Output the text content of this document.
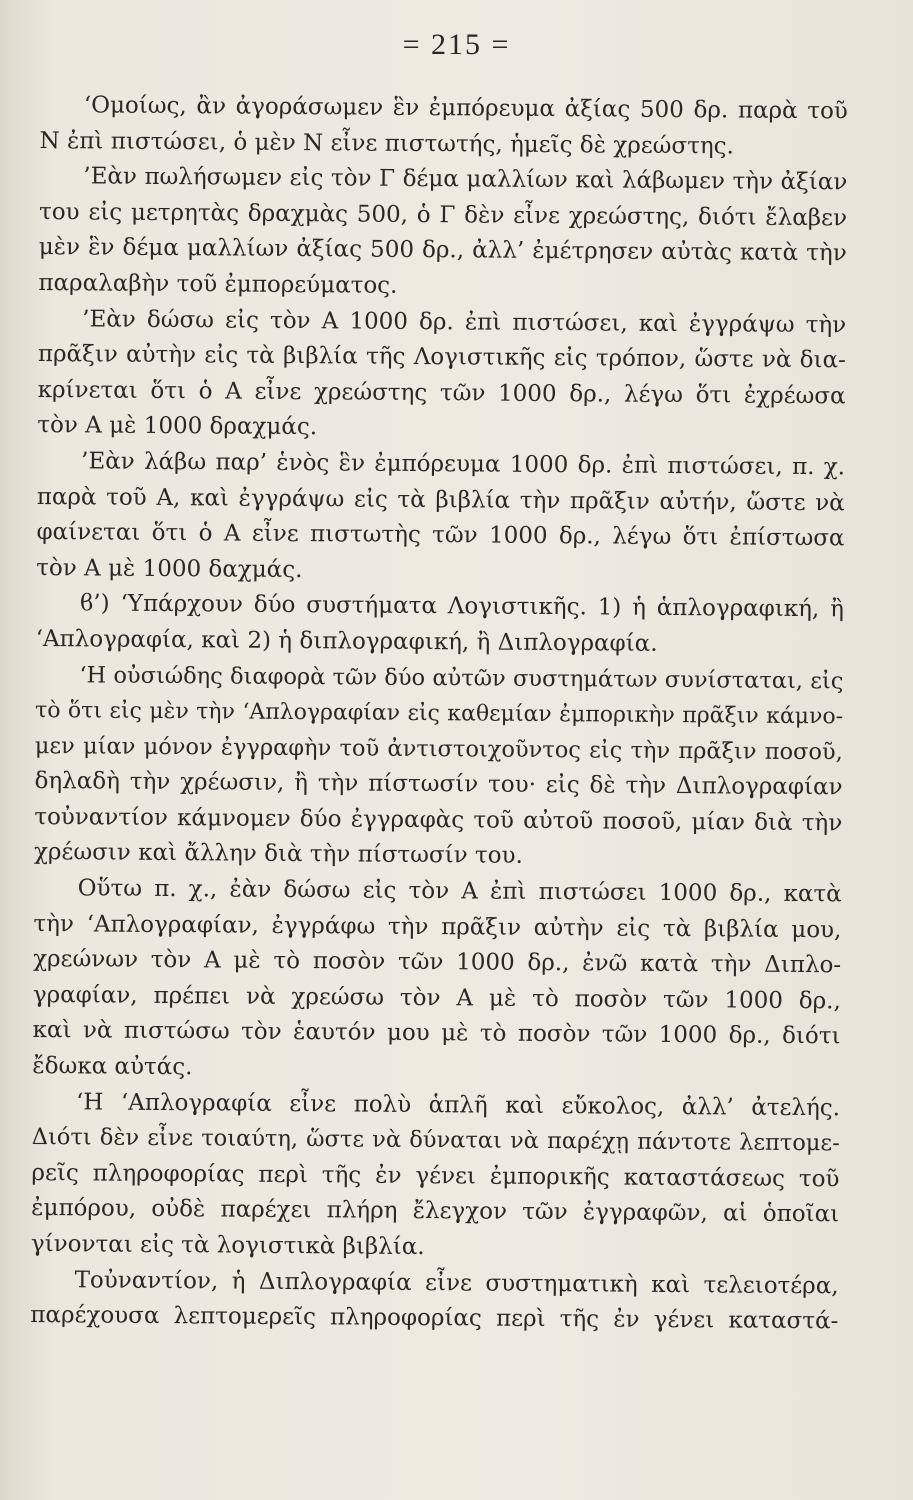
= 215 =
‘Ομοίως, ἂν ἀγοράσωμεν ἓν ἐμπόρευμα ἀξίας 500 δρ. παρὰ τοῦ
Ν ἐπὶ πιστώσει, ὁ μὲν Ν εἶνε πιστωτής, ἡμεῖς δὲ χρεώστης.
’Εὰν πωλήσωμεν εἰς τὸν Γ δέμα μαλλίων καὶ λάβωμεν τὴν ἀξίαν
του εἰς μετρητὰς δραχμὰς 500, ὁ Γ δὲν εἶνε χρεώστης, διότι ἔλαβεν
μὲν ἓν δέμα μαλλίων ἀξίας 500 δρ., ἀλλ’ ἐμέτρησεν αὐτὰς κατὰ τὴν
παραλαβὴν τοῦ ἐμπορεύματος.
’Εὰν δώσω εἰς τὸν Α 1000 δρ. ἐπὶ πιστώσει, καὶ ἐγγράψω τὴν
πρᾶξιν αὐτὴν εἰς τὰ βιβλία τῆς Λογιστικῆς εἰς τρόπον, ὥστε νὰ δια-
κρίνεται ὅτι ὁ Α εἶνε χρεώστης τῶν 1000 δρ., λέγω ὅτι ἐχρέωσα
τὸν Α μὲ 1000 δραχμάς.
’Εὰν λάβω παρ’ ἑνὸς ἓν ἐμπόρευμα 1000 δρ. ἐπὶ πιστώσει, π. χ.
παρὰ τοῦ Α, καὶ ἐγγράψω εἰς τὰ βιβλία τὴν πρᾶξιν αὐτήν, ὥστε νὰ
φαίνεται ὅτι ὁ Α εἶνε πιστωτὴς τῶν 1000 δρ., λέγω ὅτι ἐπίστωσα
τὸν Α μὲ 1000 δαχμάς.
ϐ’) ‘Υπάρχουν δύο συστήματα Λογιστικῆς. 1) ἡ ἁπλογραφική, ἢ
‘Απλογραφία, καὶ 2) ἡ διπλογραφική, ἢ Διπλογραφία.
‘Η οὐσιώδης διαφορὰ τῶν δύο αὐτῶν συστημάτων συνίσταται, εἰς
τὸ ὅτι εἰς μὲν τὴν ‘Απλογραφίαν εἰς καθεμίαν ἐμπορικὴν πρᾶξιν κάμνο-
μεν μίαν μόνον ἐγγραφὴν τοῦ ἀντιστοιχοῦντος εἰς τὴν πρᾶξιν ποσοῦ,
δηλαδὴ τὴν χρέωσιν, ἢ τὴν πίστωσίν του· εἰς δὲ τὴν Διπλογραφίαν
τοὐναντίον κάμνομεν δύο ἐγγραφὰς τοῦ αὐτοῦ ποσοῦ, μίαν διὰ τὴν
χρέωσιν καὶ ἄλλην διὰ τὴν πίστωσίν του.
Οὕτω π. χ., ἐὰν δώσω εἰς τὸν Α ἐπὶ πιστώσει 1000 δρ., κατὰ
τὴν ‘Απλογραφίαν, ἐγγράφω τὴν πρᾶξιν αὐτὴν εἰς τὰ βιβλία μου,
χρεώνων τὸν Α μὲ τὸ ποσὸν τῶν 1000 δρ., ἐνῶ κατὰ τὴν Διπλο-
γραφίαν, πρέπει νὰ χρεώσω τὸν Α μὲ τὸ ποσὸν τῶν 1000 δρ.,
καὶ νὰ πιστώσω τὸν ἑαυτόν μου μὲ τὸ ποσὸν τῶν 1000 δρ., διότι
ἔδωκα αὐτάς.
‘Η ‘Απλογραφία εἶνε πολὺ ἁπλῆ καὶ εὔκολος, ἀλλ’ ἀτελής.
Διότι δὲν εἶνε τοιαύτη, ὥστε νὰ δύναται νὰ παρέχῃ πάντοτε λεπτομε-
ρεῖς πληροφορίας περὶ τῆς ἐν γένει ἐμπορικῆς καταστάσεως τοῦ
ἐμπόρου, οὐδὲ παρέχει πλήρη ἔλεγχον τῶν ἐγγραφῶν, αἱ ὁποῖαι
γίνονται εἰς τὰ λογιστικὰ βιβλία.
Τοὐναντίον, ἡ Διπλογραφία εἶνε συστηματικὴ καὶ τελειοτέρα,
παρέχουσα λεπτομερεῖς πληροφορίας περὶ τῆς ἐν γένει καταστά-
